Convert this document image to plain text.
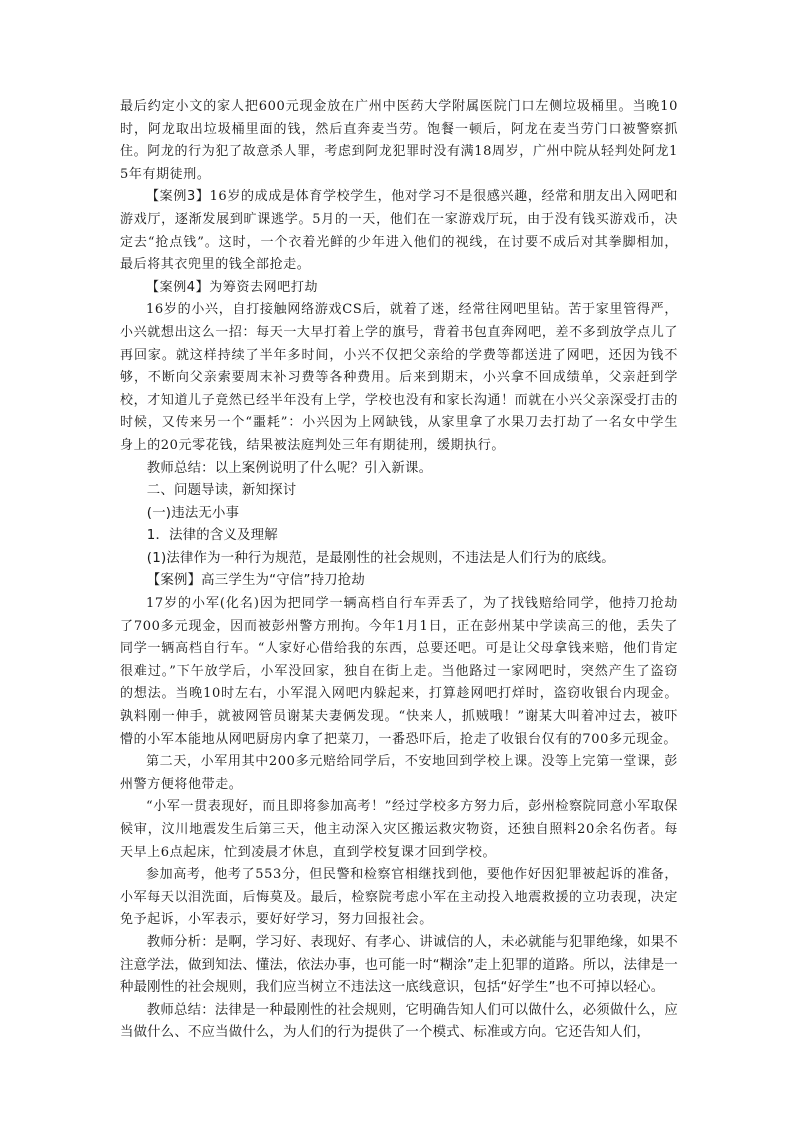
最后约定小文的家人把600元现金放在广州中医药大学附属医院门口左侧垃圾桶里。当晚10时，阿龙取出垃圾桶里面的钱，然后直奔麦当劳。饱餐一顿后，阿龙在麦当劳门口被警察抓住。阿龙的行为犯了故意杀人罪，考虑到阿龙犯罪时没有满18周岁，广州中院从轻判处阿龙15年有期徒刑。

【案例3】16岁的成成是体育学校学生，他对学习不是很感兴趣，经常和朋友出入网吧和游戏厅，逐渐发展到旷课逃学。5月的一天，他们在一家游戏厅玩，由于没有钱买游戏币，决定去“抢点钱”。这时，一个衣着光鲜的少年进入他们的视线，在讨要不成后对其拳脚相加，最后将其衣兜里的钱全部抢走。

【案例4】为筹资去网吧打劫

16岁的小兴，自打接触网络游戏CS后，就着了迷，经常往网吧里钻。苦于家里管得严，小兴就想出这么一招：每天一大早打着上学的旗号，背着书包直奔网吧，差不多到放学点儿了再回家。就这样持续了半年多时间，小兴不仅把父亲给的学费等都送进了网吧，还因为钱不够，不断向父亲索要周末补习费等各种费用。后来到期末，小兴拿不回成绩单，父亲赶到学校，才知道儿子竟然已经半年没有上学，学校也没有和家长沟通！而就在小兴父亲深受打击的时候，又传来另一个“噩耗”：小兴因为上网缺钱，从家里拿了水果刀去打劫了一名女中学生身上的20元零花钱，结果被法庭判处三年有期徒刑，缓期执行。

教师总结：以上案例说明了什么呢？引入新课。

二、问题导读，新知探讨

(一)违法无小事

1．法律的含义及理解

(1)法律作为一种行为规范，是最刚性的社会规则，不违法是人们行为的底线。

【案例】高三学生为“守信”持刀抢劫

17岁的小军(化名)因为把同学一辆高档自行车弄丢了，为了找钱赔给同学，他持刀抢劫了700多元现金，因而被彭州警方刑拘。今年1月1日，正在彭州某中学读高三的他，丢失了同学一辆高档自行车。“人家好心借给我的东西，总要还吧。可是让父母拿钱来赔，他们肯定很难过。”下午放学后，小军没回家，独自在街上走。当他路过一家网吧时，突然产生了盗窃的想法。当晚10时左右，小军混入网吧内躲起来，打算趁网吧打烊时，盗窃收银台内现金。孰料刚一伸手，就被网管员谢某夫妻俩发现。“快来人，抓贼哦！”谢某大叫着冲过去，被吓懵的小军本能地从网吧厨房内拿了把菜刀，一番恐吓后，抢走了收银台仅有的700多元现金。

第二天，小军用其中200多元赔给同学后，不安地回到学校上课。没等上完第一堂课，彭州警方便将他带走。

“小军一贯表现好，而且即将参加高考！”经过学校多方努力后，彭州检察院同意小军取保候审，汶川地震发生后第三天，他主动深入灾区搬运救灾物资，还独自照料20余名伤者。每天早上6点起床，忙到凌晨才休息，直到学校复课才回到学校。

参加高考，他考了553分，但民警和检察官相继找到他，要他作好因犯罪被起诉的准备，小军每天以泪洗面，后悔莫及。最后，检察院考虑小军在主动投入地震救援的立功表现，决定免予起诉，小军表示，要好好学习，努力回报社会。

教师分析：是啊，学习好、表现好、有孝心、讲诚信的人，未必就能与犯罪绝缘，如果不注意学法，做到知法、懂法，依法办事，也可能一时“糊涂”走上犯罪的道路。所以，法律是一种最刚性的社会规则，我们应当树立不违法这一底线意识，包括“好学生”也不可掉以轻心。

教师总结：法律是一种最刚性的社会规则，它明确告知人们可以做什么，必须做什么，应当做什么、不应当做什么，为人们的行为提供了一个模式、标准或方向。它还告知人们，
